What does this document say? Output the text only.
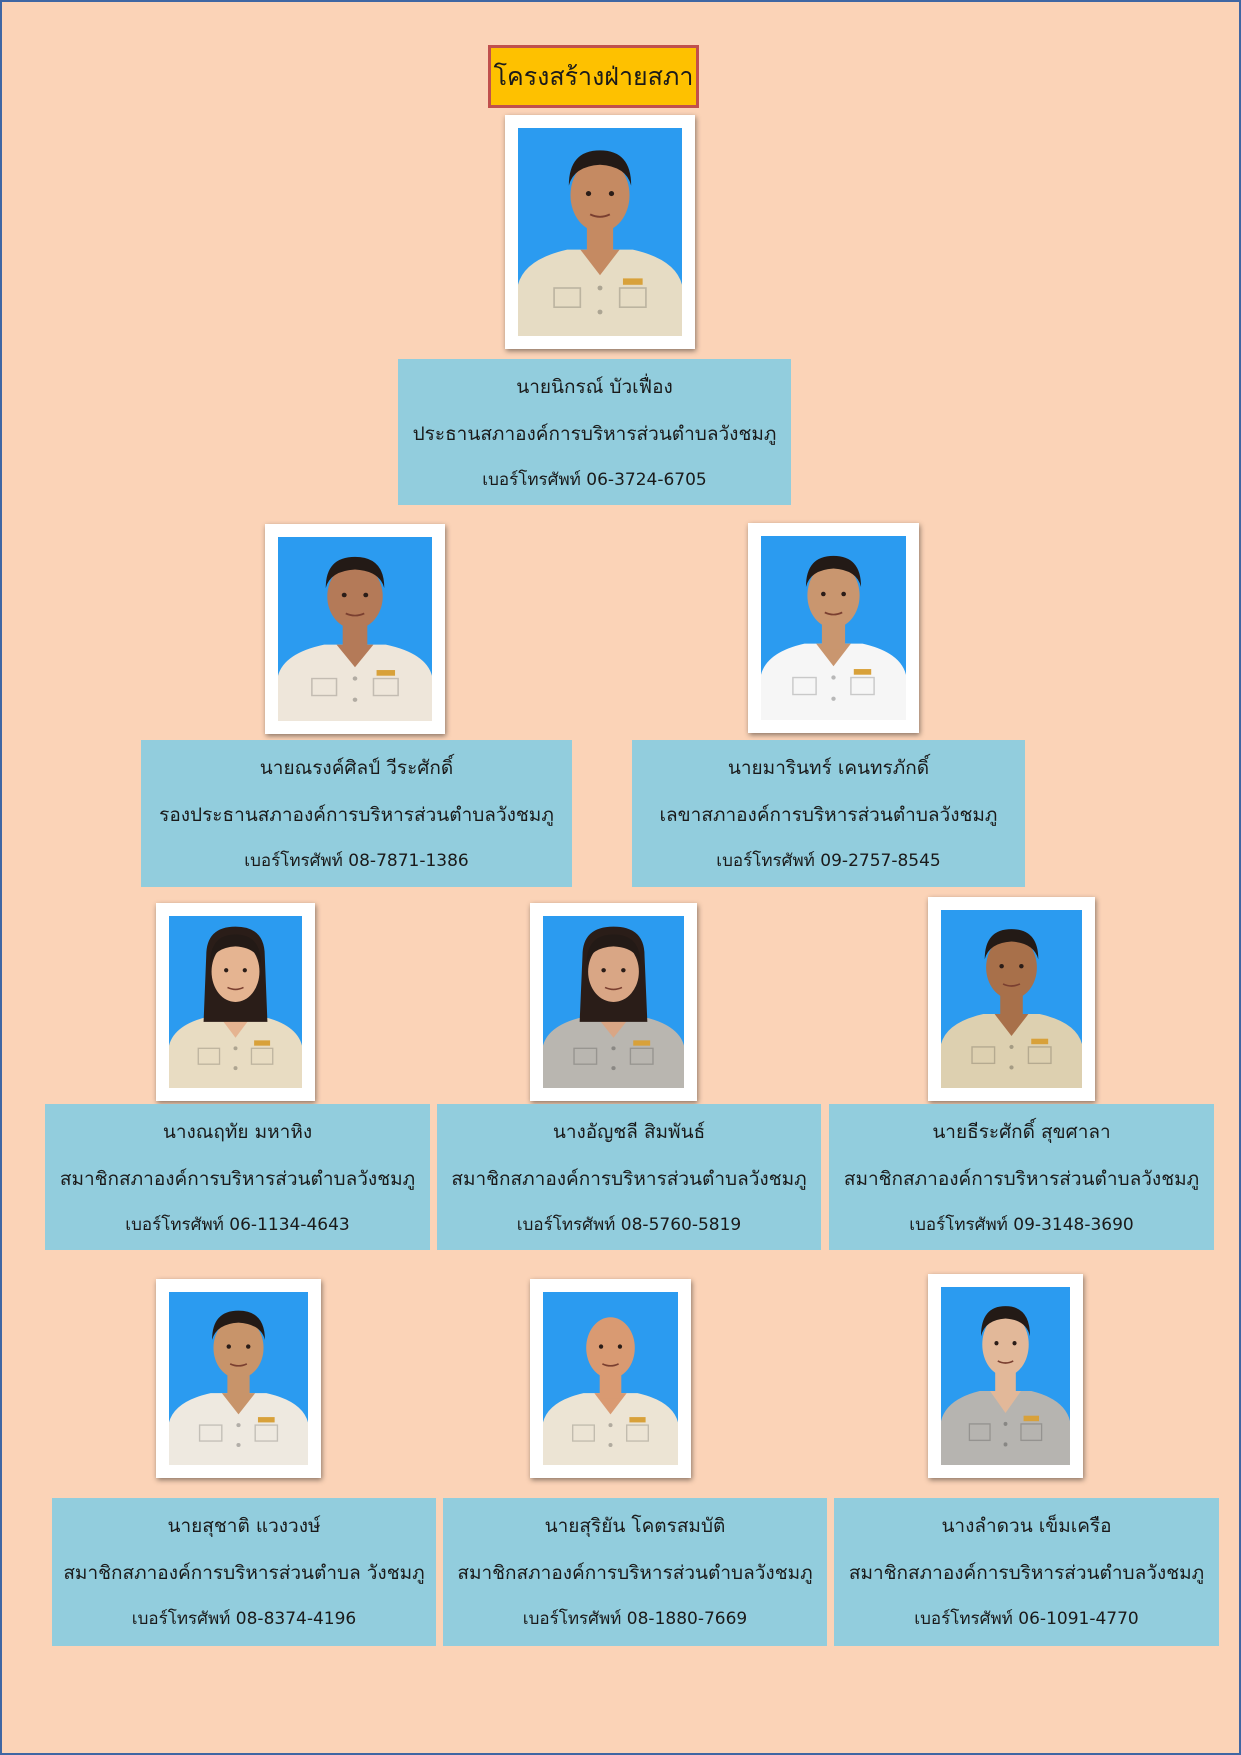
โครงสร้างฝ่ายสภา
นายนิกรณ์ บัวเฟื่อง
ประธานสภาองค์การบริหารส่วนตำบลวังชมภู
เบอร์โทรศัพท์ 06-3724-6705
นายณรงค์ศิลป์ วีระศักดิ์
รองประธานสภาองค์การบริหารส่วนตำบลวังชมภู
เบอร์โทรศัพท์ 08-7871-1386
นายมารินทร์ เคนทรภักดิ์
เลขาสภาองค์การบริหารส่วนตำบลวังชมภู
เบอร์โทรศัพท์ 09-2757-8545
นางณฤทัย มหาหิง
สมาชิกสภาองค์การบริหารส่วนตำบลวังชมภู
เบอร์โทรศัพท์ 06-1134-4643
นางอัญชลี สิมพันธ์
สมาชิกสภาองค์การบริหารส่วนตำบลวังชมภู
เบอร์โทรศัพท์ 08-5760-5819
นายธีระศักดิ์ สุขศาลา
สมาชิกสภาองค์การบริหารส่วนตำบลวังชมภู
เบอร์โทรศัพท์ 09-3148-3690
นายสุชาติ แวงวงษ์
สมาชิกสภาองค์การบริหารส่วนตำบล วังชมภู
เบอร์โทรศัพท์ 08-8374-4196
นายสุริยัน โคตรสมบัติ
สมาชิกสภาองค์การบริหารส่วนตำบลวังชมภู
เบอร์โทรศัพท์ 08-1880-7669
นางลำดวน เข็มเครือ
สมาชิกสภาองค์การบริหารส่วนตำบลวังชมภู
เบอร์โทรศัพท์ 06-1091-4770
